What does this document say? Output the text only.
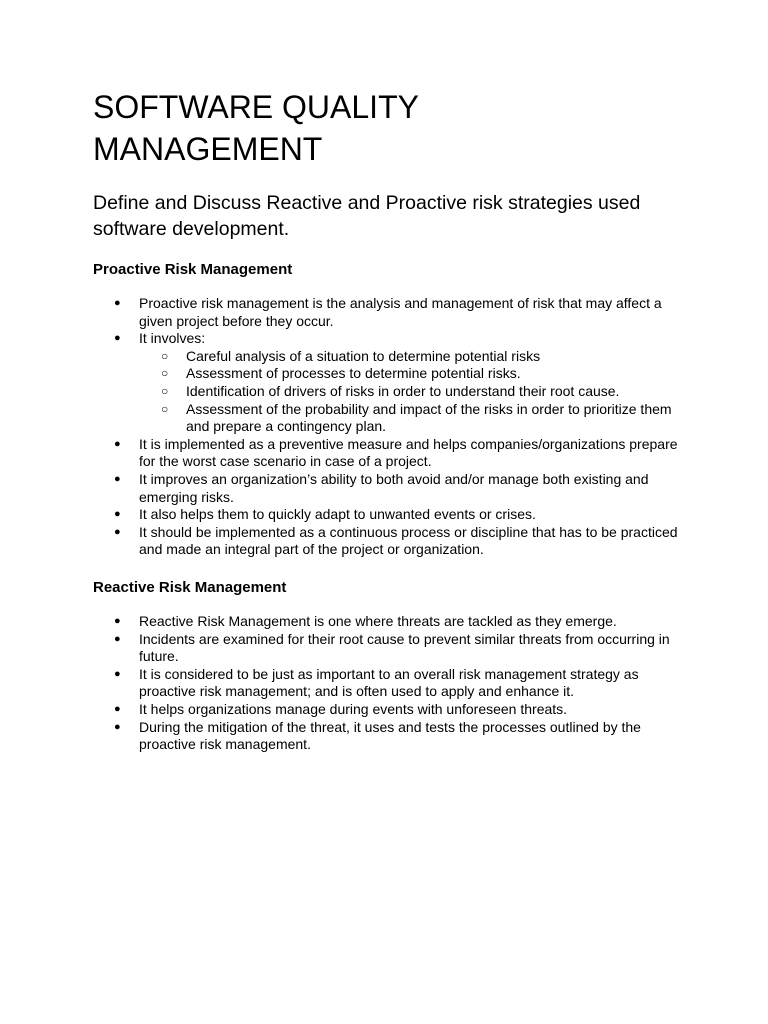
SOFTWARE QUALITY
MANAGEMENT

Define and Discuss Reactive and Proactive risk strategies used software development.

Proactive Risk Management
● Proactive risk management is the analysis and management of risk that may affect a given project before they occur.
● It involves:
○ Careful analysis of a situation to determine potential risks
○ Assessment of processes to determine potential risks.
○ Identification of drivers of risks in order to understand their root cause.
○ Assessment of the probability and impact of the risks in order to prioritize them and prepare a contingency plan.
● It is implemented as a preventive measure and helps companies/organizations prepare for the worst case scenario in case of a project.
● It improves an organization’s ability to both avoid and/or manage both existing and emerging risks.
● It also helps them to quickly adapt to unwanted events or crises.
● It should be implemented as a continuous process or discipline that has to be practiced and made an integral part of the project or organization.
Reactive Risk Management
● Reactive Risk Management is one where threats are tackled as they emerge.
● Incidents are examined for their root cause to prevent similar threats from occurring in future.
● It is considered to be just as important to an overall risk management strategy as proactive risk management; and is often used to apply and enhance it.
● It helps organizations manage during events with unforeseen threats.
● During the mitigation of the threat, it uses and tests the processes outlined by the proactive risk management.
